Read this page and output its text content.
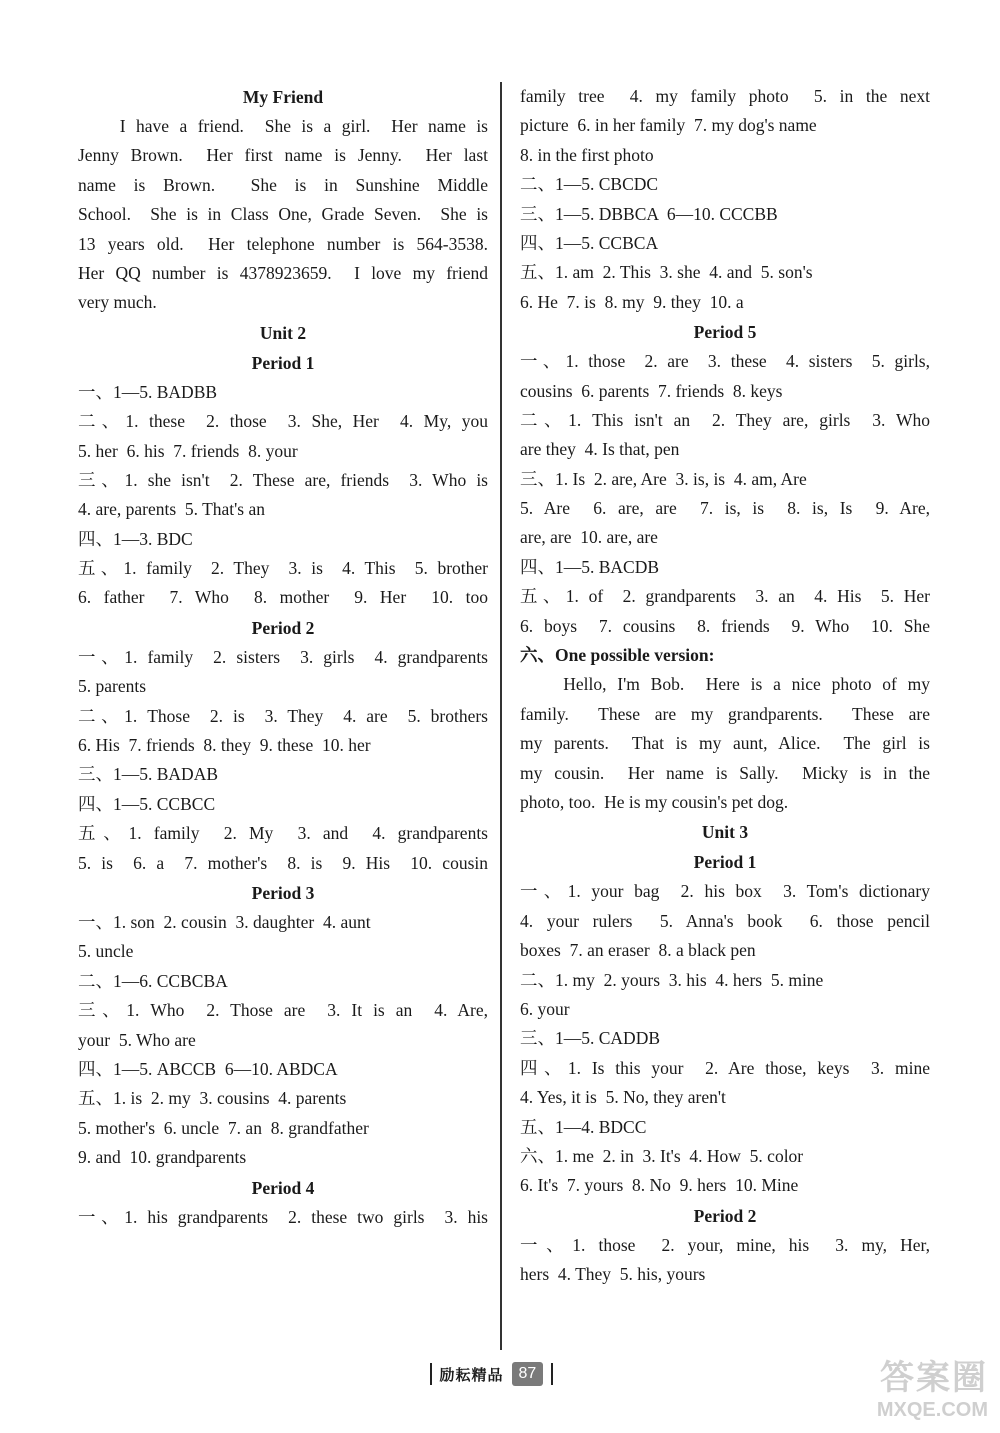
My Friend
I have a friend.  She is a girl.  Her name is
Jenny Brown.  Her first name is Jenny.  Her last
name is Brown.  She is in Sunshine Middle
School.  She is in Class One, Grade Seven.  She is
13 years old.  Her telephone number is 564-3538.
Her QQ number is 4378923659.  I love my friend
very much.
Unit 2
Period 1
一、1—5. BADBB
二、1. these  2. those  3. She, Her  4. My, you
5. her  6. his  7. friends  8. your
三、1. she isn't  2. These are, friends  3. Who is
4. are, parents  5. That's an
四、1—3. BDC
五、1. family  2. They  3. is  4. This  5. brother
6. father  7. Who  8. mother  9. Her  10. too
Period 2
一、1. family  2. sisters  3. girls  4. grandparents
5. parents
二、1. Those  2. is  3. They  4. are  5. brothers
6. His  7. friends  8. they  9. these  10. her
三、1—5. BADAB
四、1—5. CCBCC
五、1. family  2. My  3. and  4. grandparents
5. is  6. a  7. mother's  8. is  9. His  10. cousin
Period 3
一、1. son  2. cousin  3. daughter  4. aunt
5. uncle
二、1—6. CCBCBA
三、1. Who  2. Those are  3. It is an  4. Are,
your  5. Who are
四、1—5. ABCCB  6—10. ABDCA
五、1. is  2. my  3. cousins  4. parents
5. mother's  6. uncle  7. an  8. grandfather
9. and  10. grandparents
Period 4
一、1. his grandparents  2. these two girls  3. his
family tree  4. my family photo  5. in the next
picture  6. in her family  7. my dog's name
8. in the first photo
二、1—5. CBCDC
三、1—5. DBBCA  6—10. CCCBB
四、1—5. CCBCA
五、1. am  2. This  3. she  4. and  5. son's
6. He  7. is  8. my  9. they  10. a
Period 5
一、1. those  2. are  3. these  4. sisters  5. girls,
cousins  6. parents  7. friends  8. keys
二、1. This isn't an  2. They are, girls  3. Who
are they  4. Is that, pen
三、1. Is  2. are, Are  3. is, is  4. am, Are
5. Are  6. are, are  7. is, is  8. is, Is  9. Are,
are, are  10. are, are
四、1—5. BACDB
五、1. of  2. grandparents  3. an  4. His  5. Her
6. boys  7. cousins  8. friends  9. Who  10. She
六、One possible version:
Hello, I'm Bob.  Here is a nice photo of my
family.  These are my grandparents.  These are
my parents.  That is my aunt, Alice.  The girl is
my cousin.  Her name is Sally.  Micky is in the
photo, too.  He is my cousin's pet dog.
Unit 3
Period 1
一、1. your bag  2. his box  3. Tom's dictionary
4. your rulers  5. Anna's book  6. those pencil
boxes  7. an eraser  8. a black pen
二、1. my  2. yours  3. his  4. hers  5. mine
6. your
三、1—5. CADDB
四、1. Is this your  2. Are those, keys  3. mine
4. Yes, it is  5. No, they aren't
五、1—4. BDCC
六、1. me  2. in  3. It's  4. How  5. color
6. It's  7. yours  8. No  9. hers  10. Mine
Period 2
一、1. those  2. your, mine, his  3. my, Her,
hers  4. They  5. his, yours
励耘精品 87	答案圈
MXQE.COM
